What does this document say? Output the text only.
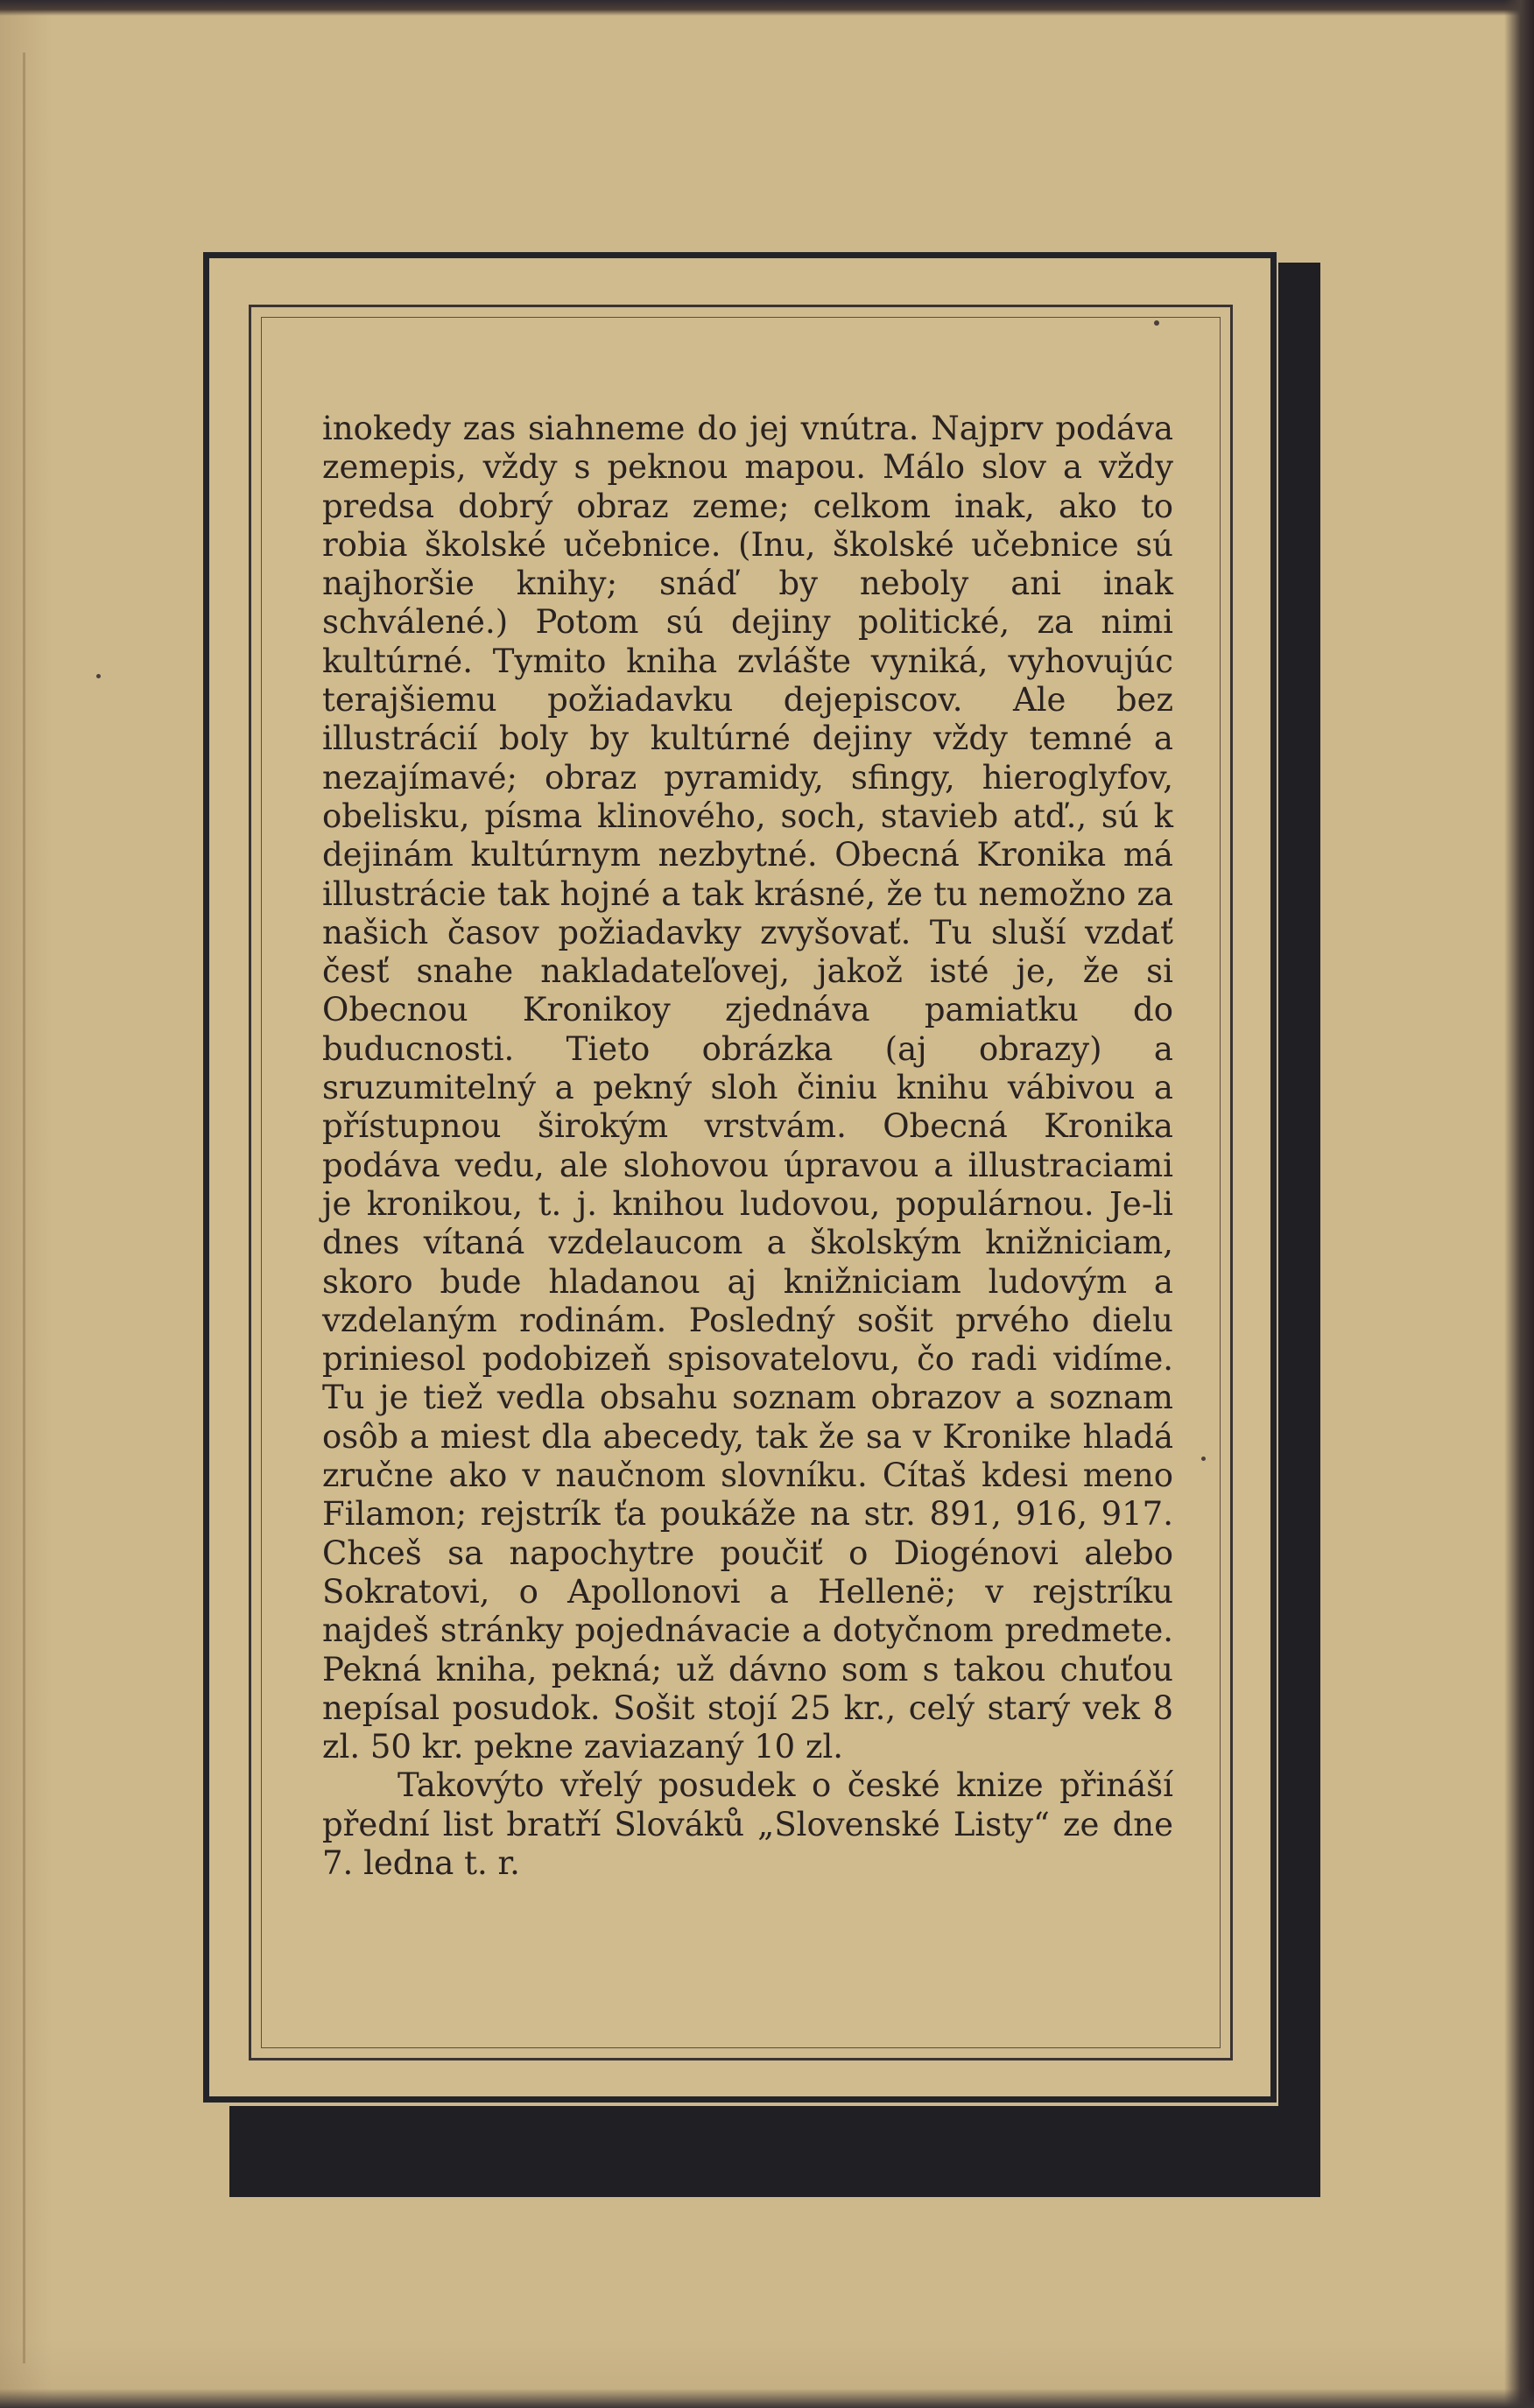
inokedy zas siahneme do jej vnútra. Najprv podáva zemepis, vždy s peknou mapou. Málo slov a vždy predsa dobrý obraz zeme; celkom inak, ako to robia školské učebnice. (Inu, školské učebnice sú najhoršie knihy; snáď by neboly ani inak schválené.) Potom sú dejiny politické, za nimi kultúrné. Tymito kniha zvlášte vyniká, vyhovujúc terajšiemu požiadavku dejepiscov. Ale bez illustrácií boly by kultúrné dejiny vždy temné a nezajímavé; obraz pyramidy, sfingy, hieroglyfov, obelisku, písma klinového, soch, stavieb atď., sú k dejinám kultúrnym nezbytné. Obecná Kronika má illustrácie tak hojné a tak krásné, že tu nemožno za našich časov požiadavky zvyšovať. Tu sluší vzdať česť snahe nakladateľovej, jakož isté je, že si Obecnou Kronikoy zjednáva pamiatku do buducnosti. Tieto obrázka (aj obrazy) a sruzumitelný a pekný sloh činiu knihu vábivou a přístupnou širokým vrstvám. Obecná Kronika podáva vedu, ale slohovou úpravou a illustraciami je kronikou, t. j. knihou ludovou, populárnou. Je-li dnes vítaná vzdelaucom a školským knižniciam, skoro bude hladanou aj knižniciam ludovým a vzdelaným rodinám. Posledný sošit prvého dielu priniesol podobizeň spisovatelovu, čo radi vidíme. Tu je tiež vedla obsahu soznam obrazov a soznam osôb a miest dla abecedy, tak že sa v Kronike hladá zručne ako v naučnom slovníku. Cítaš kdesi meno Filamon; rejstrík ťa poukáže na str. 891, 916, 917. Chceš sa napochytre poučiť o Diogénovi alebo Sokratovi, o Apollonovi a Hellenë; v rejstríku najdeš stránky pojednávacie a dotyčnom predmete. Pekná kniha, pekná; už dávno som s takou chuťou nepísal posudok. Sošit stojí 25 kr., celý starý vek 8 zl. 50 kr. pekne zaviazaný 10 zl.

Takovýto vřelý posudek o české knize přináší přední list bratří Slováků „Slovenské Listy“ ze dne 7. ledna t. r.
